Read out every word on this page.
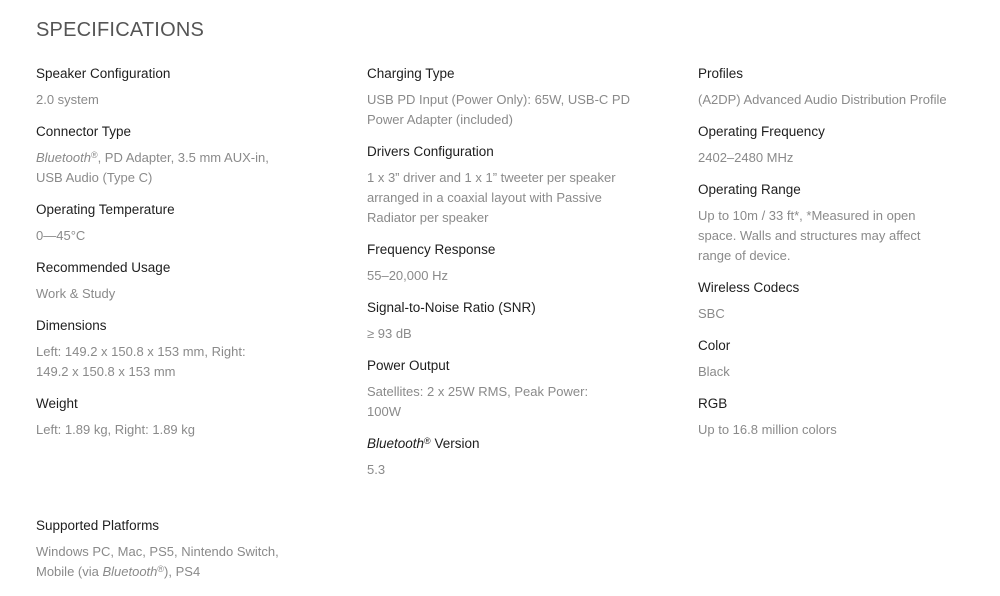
SPECIFICATIONS
Speaker Configuration
2.0 system
Connector Type
Bluetooth®, PD Adapter, 3.5 mm AUX-in,
USB Audio (Type C)
Operating Temperature
0—45°C
Recommended Usage
Work & Study
Dimensions
Left: 149.2 x 150.8 x 153 mm, Right:
149.2 x 150.8 x 153 mm
Weight
Left: 1.89 kg, Right: 1.89 kg
Supported Platforms
Windows PC, Mac, PS5, Nintendo Switch,
Mobile (via Bluetooth®), PS4
Charging Type
USB PD Input (Power Only): 65W, USB-C PD
Power Adapter (included)
Drivers Configuration
1 x 3” driver and 1 x 1” tweeter per speaker
arranged in a coaxial layout with Passive
Radiator per speaker
Frequency Response
55–20,000 Hz
Signal-to-Noise Ratio (SNR)
≥ 93 dB
Power Output
Satellites: 2 x 25W RMS, Peak Power:
100W
Bluetooth® Version
5.3
Profiles
(A2DP) Advanced Audio Distribution Profile
Operating Frequency
2402–2480 MHz
Operating Range
Up to 10m / 33 ft*, *Measured in open
space. Walls and structures may affect
range of device.
Wireless Codecs
SBC
Color
Black
RGB
Up to 16.8 million colors
